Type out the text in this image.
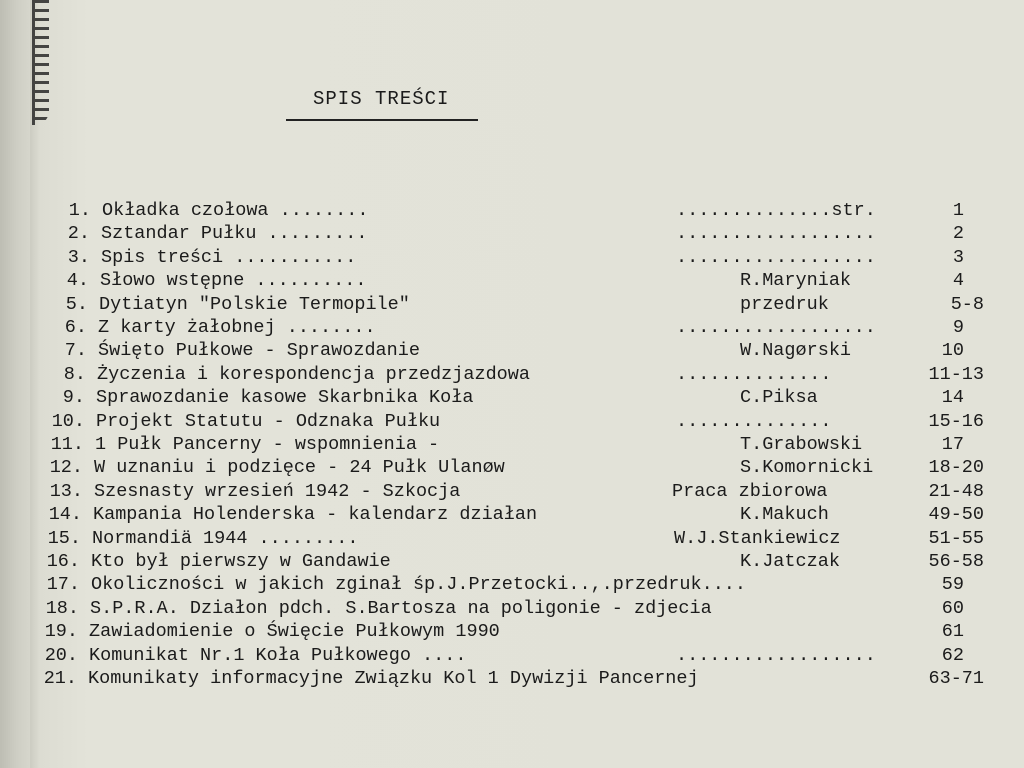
SPIS TREŚCI
1. Okładka czołowa ........	..............str.	1
2. Sztandar Pułku .........	..................	2
3. Spis treści ...........	..................	3
4. Słowo wstępne ..........	R.Maryniak	4
5. Dytiatyn "Polskie Termopile"	przedruk	5-8
6. Z karty żałobnej ........	..................	9
7. Święto Pułkowe - Sprawozdanie	W.Nagørski	10
8. Życzenia i korespondencja przedzjazdowa	..............	11-13
9. Sprawozdanie kasowe Skarbnika Koła	C.Piksa	14
10. Projekt Statutu - Odznaka Pułku	..............	15-16
11. 1 Pułk Pancerny - wspomnienia -	T.Grabowski	17
12. W uznaniu i podzięce - 24 Pułk Ulanøw	S.Komornicki	18-20
13. Szesnasty wrzesień 1942 - Szkocja	Praca zbiorowa	21-48
14. Kampania Holenderska - kalendarz działan	K.Makuch	49-50
15. Normandiä 1944 .........	W.J.Stankiewicz	51-55
16. Kto był pierwszy w Gandawie	K.Jatczak	56-58
17. Okoliczności w jakich zginał śp.J.Przetocki..,.przedruk....	59
18. S.P.R.A. Działon pdch. S.Bartosza na poligonie - zdjecia	60
19. Zawiadomienie o Święcie Pułkowym 1990	61
20. Komunikat Nr.1 Koła Pułkowego ....	..................	62
21. Komunikaty informacyjne Związku Kol 1 Dywizji Pancernej	63-71
